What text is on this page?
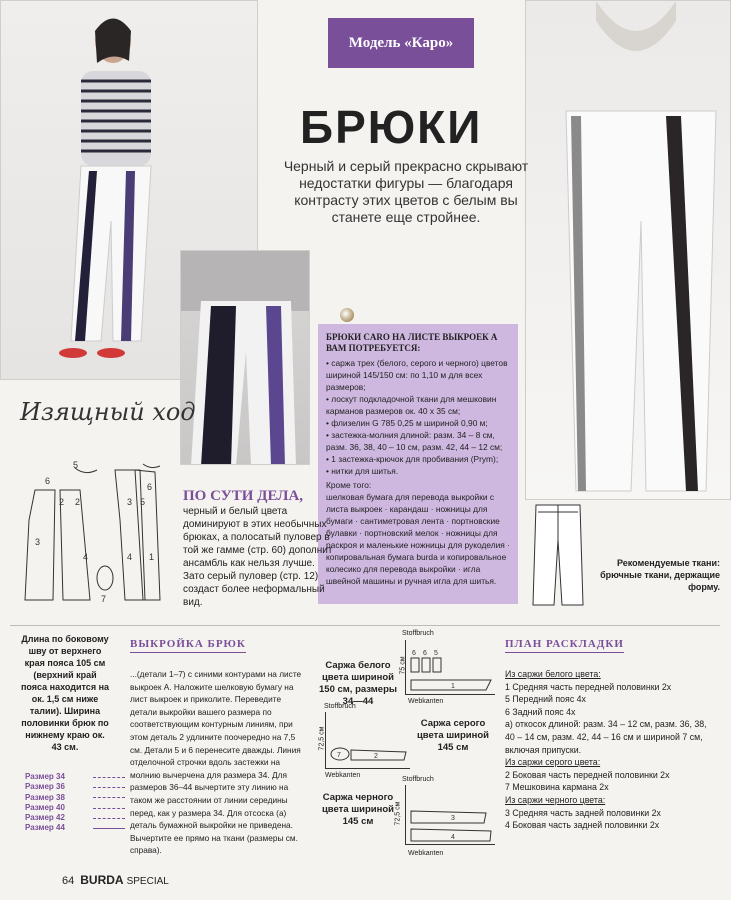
Модель «Каро»
БРЮКИ
Черный и серый прекрасно скрывают недостатки фигуры — благодаря контрасту этих цветов с белым вы станете еще стройнее.
БРЮКИ CARO НА ЛИСТЕ ВЫКРОЕК А ВАМ ПОТРЕБУЕТСЯ:
• саржа трех (белого, серого и черного) цветов шириной 145/150 см: по 1,10 м для всех размеров;
• лоскут подкладочной ткани для мешковин карманов размеров ок. 40 х 35 см;
• флизелин G 785 0,25 м шириной 0,90 м;
• застежка-молния длиной: разм. 34 – 8 см, разм. 36, 38, 40 – 10 см, разм. 42, 44 – 12 см;
• 1 застежка-крючок для пробивания (Prym);
• нитки для шитья.
Кроме того:
шелковая бумага для перевода выкройки с листа выкроек · карандаш · ножницы для бумаги · сантиметровая лента · портновские булавки · портновский мелок · ножницы для раскроя и маленькие ножницы для рукоделия · копировальная бумага burda и копировальное колесико для перевода выкройки · игла швейной машины и ручная игла для шитья.
Изящный ход
6
5
3
2 2
4
3 5
6
4 1
7
ПО СУТИ ДЕЛА,
черный и белый цвета доминируют в этих необычных брюках, а полосатый пуловер в той же гамме (стр. 60) дополнит ансамбль как нельзя лучше. Зато серый пуловер (стр. 12) создаст более неформальный вид.
Рекомендуемые ткани: брючные ткани, держащие форму.
Длина по боковому шву от верхнего края пояса 105 см (верхний край пояса находится на ок. 1,5 см ниже талии). Ширина половинки брюк по нижнему краю ок. 43 см.
Размер 34
Размер 36
Размер 38
Размер 40
Размер 42
Размер 44
ВЫКРОЙКА БРЮК
...(детали 1–7) с синими контурами на листе выкроек А. Наложите шелковую бумагу на лист выкроек и приколите. Переведите детали выкройки вашего размера по соответствующим контурным линиям, при этом деталь 2 удлините поочередно на 7,5 см. Детали 5 и 6 перенесите дважды. Линия отделочной строчки вдоль застежки на молнию вычерчена для размера 34. Для размеров 36–44 вычертите эту линию на таком же расстоянии от линии середины перед, как у размера 34. Для отсоска (а) деталь бумажной выкройки не приведена. Вычертите ее прямо на ткани (размеры см. справа).
Саржа белого цвета шириной 150 см, размеры 34—44
Stoffbruch
75 см
6 6 5
1
Webkanten
Stoffbruch
72,5 см
7	2
Webkanten
Саржа серого цвета шириной 145 см
Саржа черного цвета шириной 145 см
Stoffbruch
72,5 см	3
4
Webkanten
ПЛАН РАСКЛАДКИ
Из саржи белого цвета:
1 Средняя часть передней половинки 2х
5 Передний пояс 4х
6 Задний пояс 4х
а) откосок длиной: разм. 34 – 12 см, разм. 36, 38, 40 – 14 см, разм. 42, 44 – 16 см и шириной 7 см, включая припуски.
Из саржи серого цвета:
2 Боковая часть передней половинки 2х
7 Мешковина кармана 2х
Из саржи черного цвета:
3 Средняя часть задней половинки 2х
4 Боковая часть задней половинки 2х
64 BURDA SPECIAL
